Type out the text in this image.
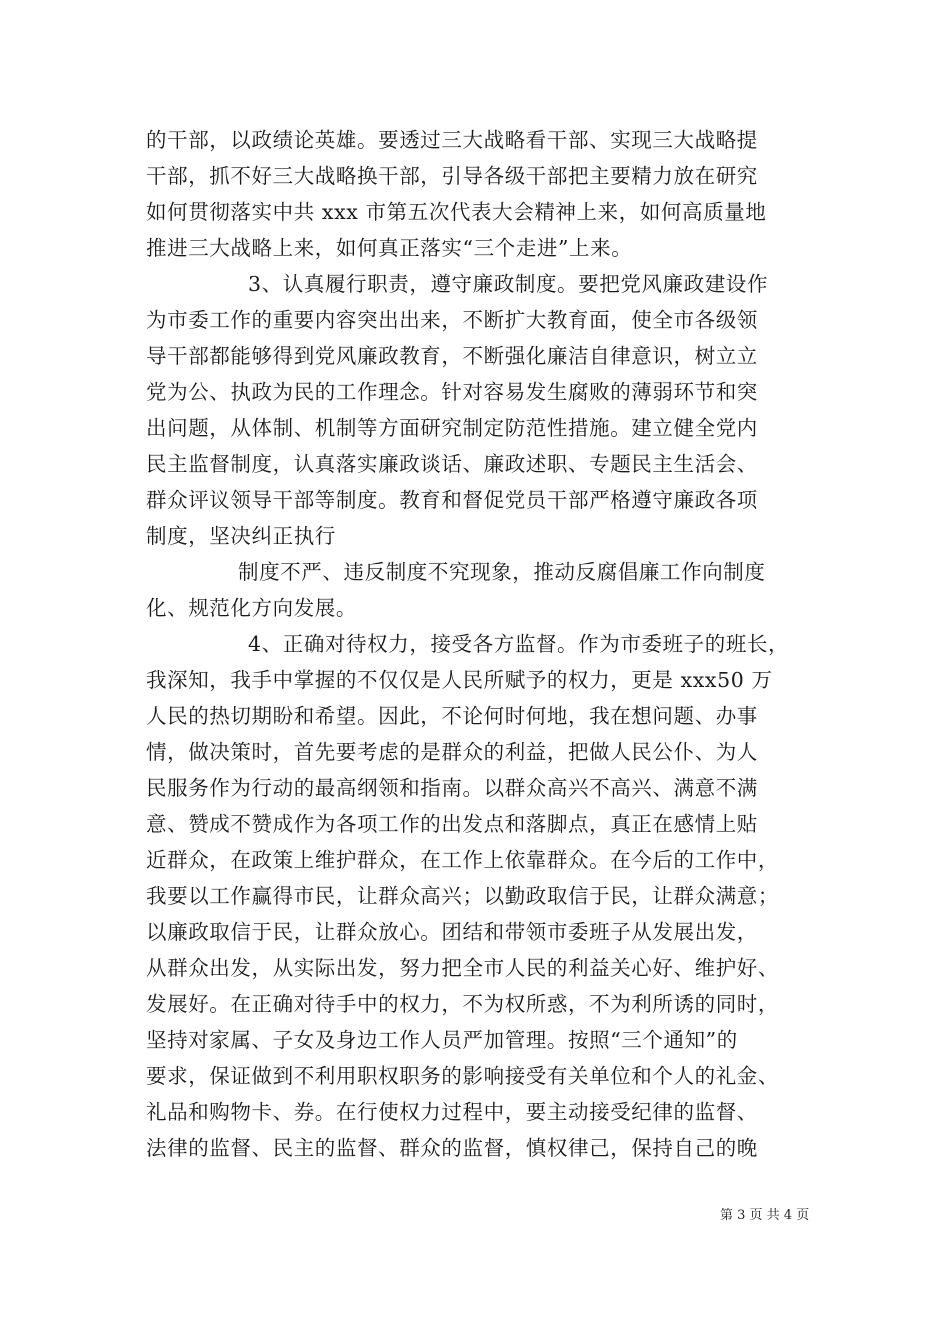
的干部，以政绩论英雄。要透过三大战略看干部、实现三大战略提
干部，抓不好三大战略换干部，引导各级干部把主要精力放在研究
如何贯彻落实中共 xxx 市第五次代表大会精神上来，如何高质量地
推进三大战略上来，如何真正落实“三个走进”上来。
3、认真履行职责，遵守廉政制度。要把党风廉政建设作
为市委工作的重要内容突出出来，不断扩大教育面，使全市各级领
导干部都能够得到党风廉政教育，不断强化廉洁自律意识，树立立
党为公、执政为民的工作理念。针对容易发生腐败的薄弱环节和突
出问题，从体制、机制等方面研究制定防范性措施。建立健全党内
民主监督制度，认真落实廉政谈话、廉政述职、专题民主生活会、
群众评议领导干部等制度。教育和督促党员干部严格遵守廉政各项
制度，坚决纠正执行
制度不严、违反制度不究现象，推动反腐倡廉工作向制度
化、规范化方向发展。
4、正确对待权力，接受各方监督。作为市委班子的班长，
我深知，我手中掌握的不仅仅是人民所赋予的权力，更是 xxx50 万
人民的热切期盼和希望。因此，不论何时何地，我在想问题、办事
情，做决策时，首先要考虑的是群众的利益，把做人民公仆、为人
民服务作为行动的最高纲领和指南。以群众高兴不高兴、满意不满
意、赞成不赞成作为各项工作的出发点和落脚点，真正在感情上贴
近群众，在政策上维护群众，在工作上依靠群众。在今后的工作中，
我要以工作赢得市民，让群众高兴；以勤政取信于民，让群众满意；
以廉政取信于民，让群众放心。团结和带领市委班子从发展出发，
从群众出发，从实际出发，努力把全市人民的利益关心好、维护好、
发展好。在正确对待手中的权力，不为权所惑，不为利所诱的同时，
坚持对家属、子女及身边工作人员严加管理。按照“三个通知”的
要求，保证做到不利用职权职务的影响接受有关单位和个人的礼金、
礼品和购物卡、券。在行使权力过程中，要主动接受纪律的监督、
法律的监督、民主的监督、群众的监督，慎权律己，保持自己的晚
第 3 页 共 4 页
